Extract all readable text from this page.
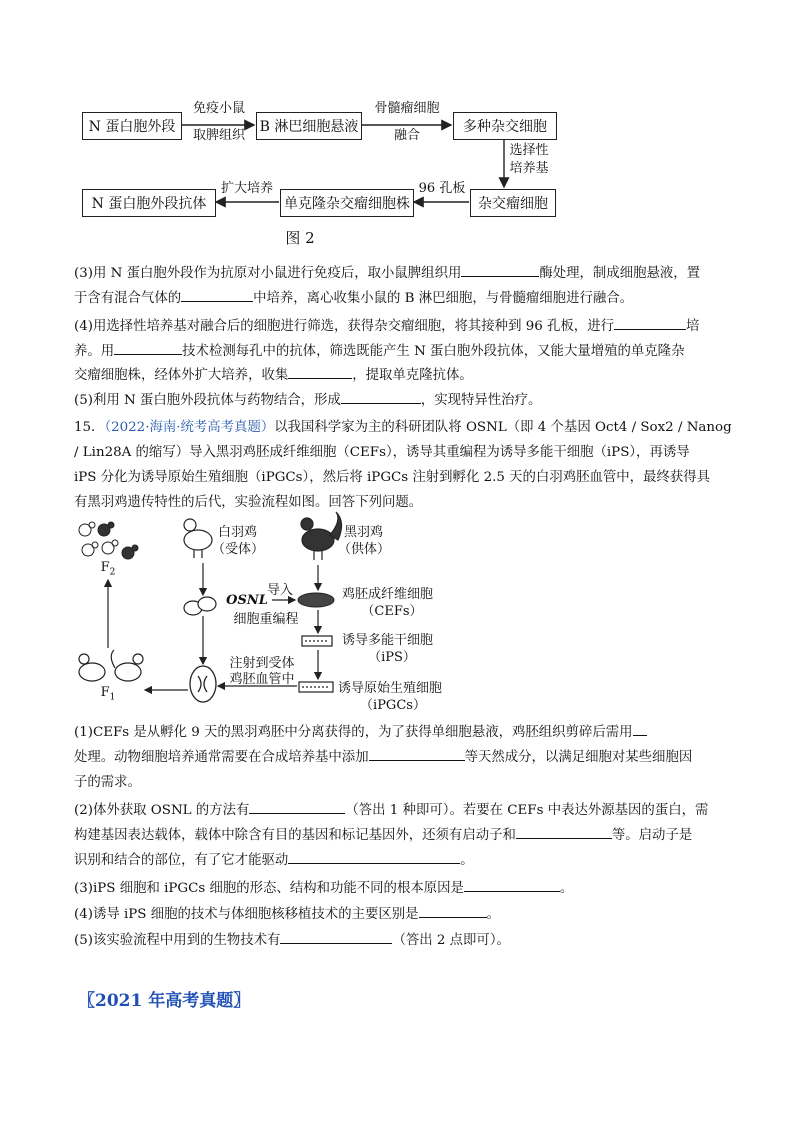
N 蛋白胞外段	B 淋巴细胞悬液	多种杂交细胞
杂交瘤细胞
单克隆杂交瘤细胞株
N 蛋白胞外段抗体
免疫小鼠
取脾组织
骨髓瘤细胞
融合
选择性
培养基
96 孔板
扩大培养
图 2
(3)用 N 蛋白胞外段作为抗原对小鼠进行免疫后，取小鼠脾组织用	酶处理，制成细胞悬液，置
于含有混合气体的	中培养，离心收集小鼠的 B 淋巴细胞，与骨髓瘤细胞进行融合。
(4)用选择性培养基对融合后的细胞进行筛选，获得杂交瘤细胞，将其接种到 96 孔板，进行	培
养。用	技术检测每孔中的抗体，筛选既能产生 N 蛋白胞外段抗体，又能大量增殖的单克隆杂
交瘤细胞株，经体外扩大培养，收集	，提取单克隆抗体。
(5)利用 N 蛋白胞外段抗体与药物结合，形成	，实现特异性治疗。
15．（2022·海南·统考高考真题）以我国科学家为主的科研团队将 OSNL（即 4 个基因 Oct4 / Sox2 / Nanog
/ Lin28A 的缩写）导入黑羽鸡胚成纤维细胞（CEFs），诱导其重编程为诱导多能干细胞（iPS），再诱导
iPS 分化为诱导原始生殖细胞（iPGCs），然后将 iPGCs 注射到孵化 2.5 天的白羽鸡胚血管中，最终获得具
有黑羽鸡遗传特性的后代，实验流程如图。回答下列问题。
$F_2$
$F_1$
白羽鸡
（受体）
黑羽鸡
（供体）
OSNL
导入
细胞重编程
鸡胚成纤维细胞
（CEFs）
诱导多能干细胞
（iPS）
诱导原始生殖细胞
（iPGCs）
注射到受体
鸡胚血管中
(1)CEFs 是从孵化 9 天的黑羽鸡胚中分离获得的，为了获得单细胞悬液，鸡胚组织剪碎后需用
处理。动物细胞培养通常需要在合成培养基中添加	等天然成分，以满足细胞对某些细胞因
子的需求。
(2)体外获取 OSNL 的方法有	（答出 1 种即可）。若要在 CEFs 中表达外源基因的蛋白，需
构建基因表达载体，载体中除含有目的基因和标记基因外，还须有启动子和	等。启动子是
识别和结合的部位，有了它才能驱动	。
(3)iPS 细胞和 iPGCs 细胞的形态、结构和功能不同的根本原因是	。
(4)诱导 iPS 细胞的技术与体细胞核移植技术的主要区别是	。
(5)该实验流程中用到的生物技术有	（答出 2 点即可）。
〖2021 年高考真题〗
